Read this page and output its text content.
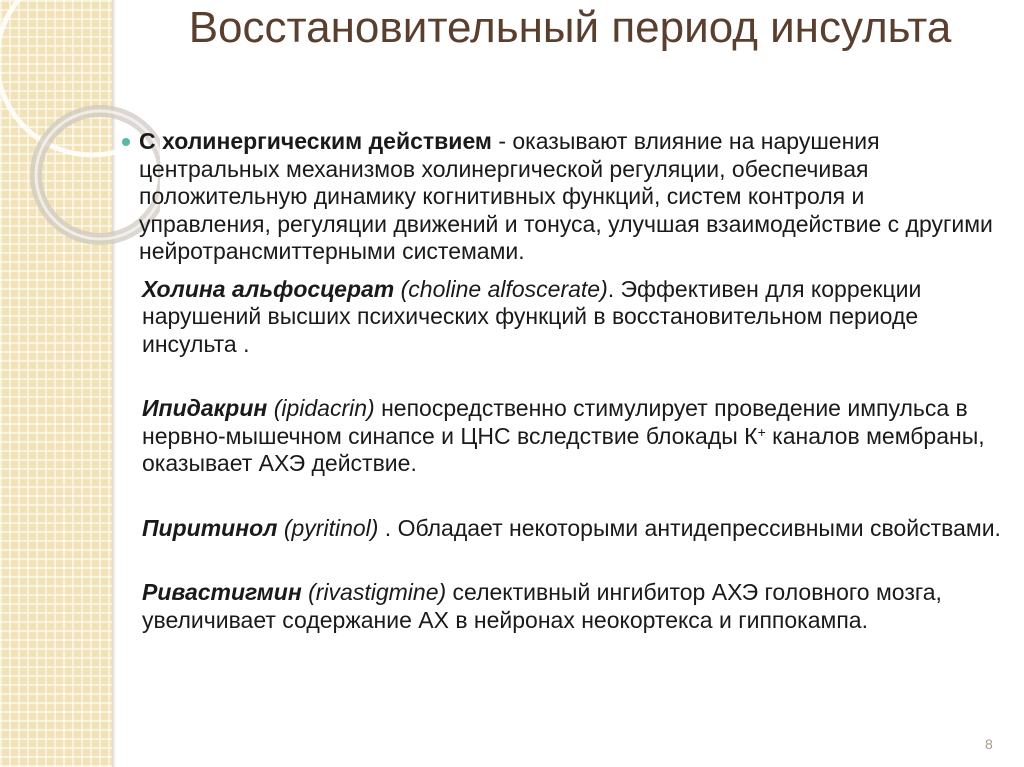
Восстановительный период инсульта
С холинергическим действием - оказывают влияние на нарушения центральных механизмов холинергической регуляции, обеспечивая положительную динамику когнитивных функций, систем контроля и управления, регуляции движений и тонуса, улучшая взаимодействие с другими нейротрансмиттерными системами.
Холина альфосцерат (choline alfoscerate). Эффективен для коррекции нарушений высших психических функций в восстановительном периоде инсульта .
Ипидакрин (ipidacrin) непосредственно стимулирует проведение импульса в нервно-мышечном синапсе и ЦНС вследствие блокады К+ каналов мембраны, оказывает АХЭ действие.
Пиритинол (pyritinol) . Обладает некоторыми антидепрессивными свойствами.
Ривастигмин (rivastigmine) селективный ингибитор АХЭ головного мозга, увеличивает содержание АХ в нейронах неокортекса и гиппокампа.
8
